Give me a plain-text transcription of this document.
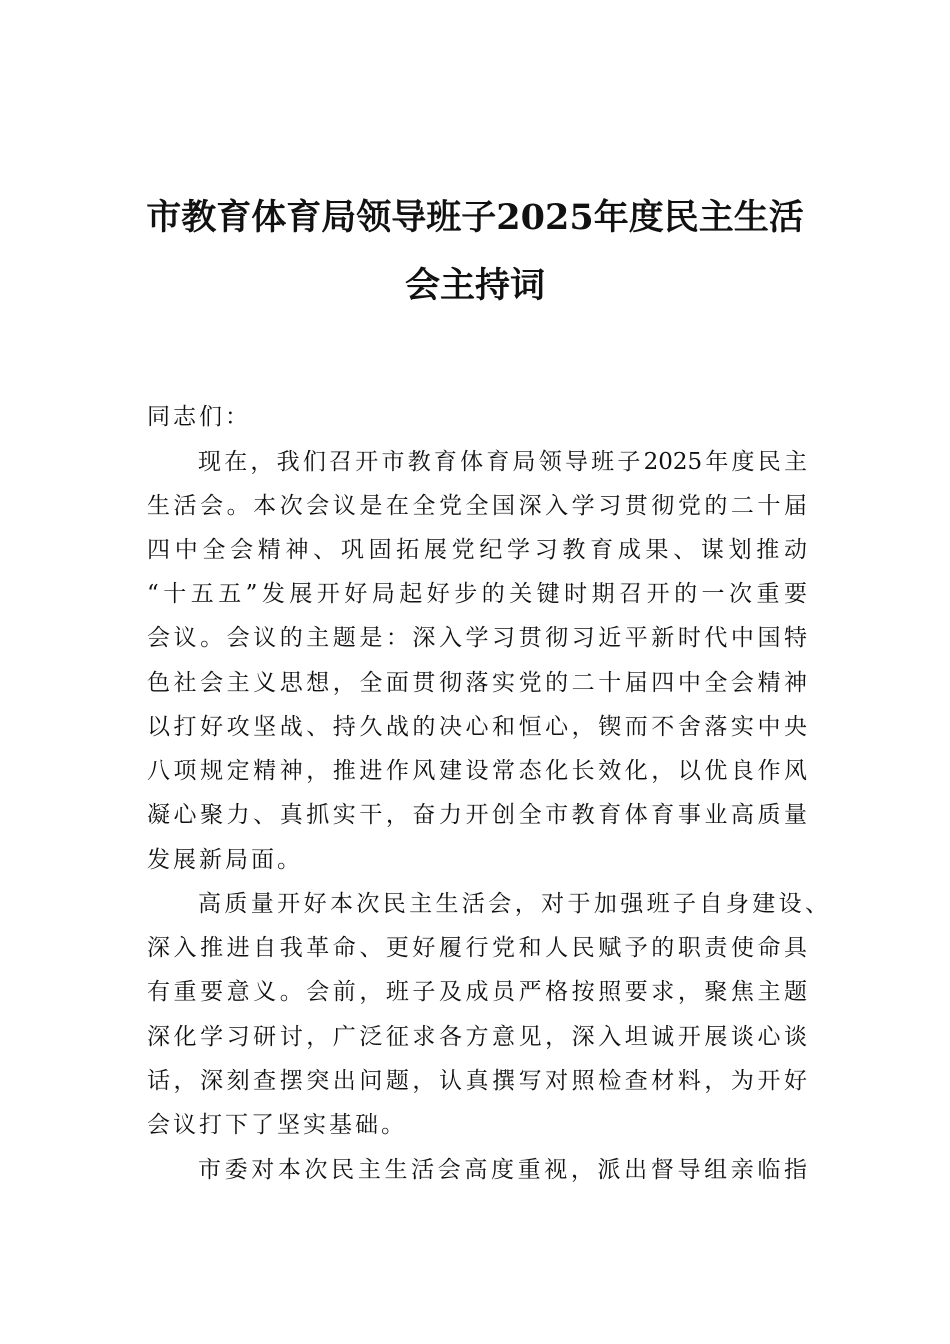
市教育体育局领导班子2025年度民主生活
会主持词
同志们：
现在，我们召开市教育体育局领导班子2025年度民主
生活会。本次会议是在全党全国深入学习贯彻党的二十届
四中全会精神、巩固拓展党纪学习教育成果、谋划推动
“十五五”发展开好局起好步的关键时期召开的一次重要
会议。会议的主题是：深入学习贯彻习近平新时代中国特
色社会主义思想，全面贯彻落实党的二十届四中全会精神
以打好攻坚战、持久战的决心和恒心，锲而不舍落实中央
八项规定精神，推进作风建设常态化长效化，以优良作风
凝心聚力、真抓实干，奋力开创全市教育体育事业高质量
发展新局面。
高质量开好本次民主生活会，对于加强班子自身建设、
深入推进自我革命、更好履行党和人民赋予的职责使命具
有重要意义。会前，班子及成员严格按照要求，聚焦主题
深化学习研讨，广泛征求各方意见，深入坦诚开展谈心谈
话，深刻查摆突出问题，认真撰写对照检查材料，为开好
会议打下了坚实基础。
市委对本次民主生活会高度重视，派出督导组亲临指
